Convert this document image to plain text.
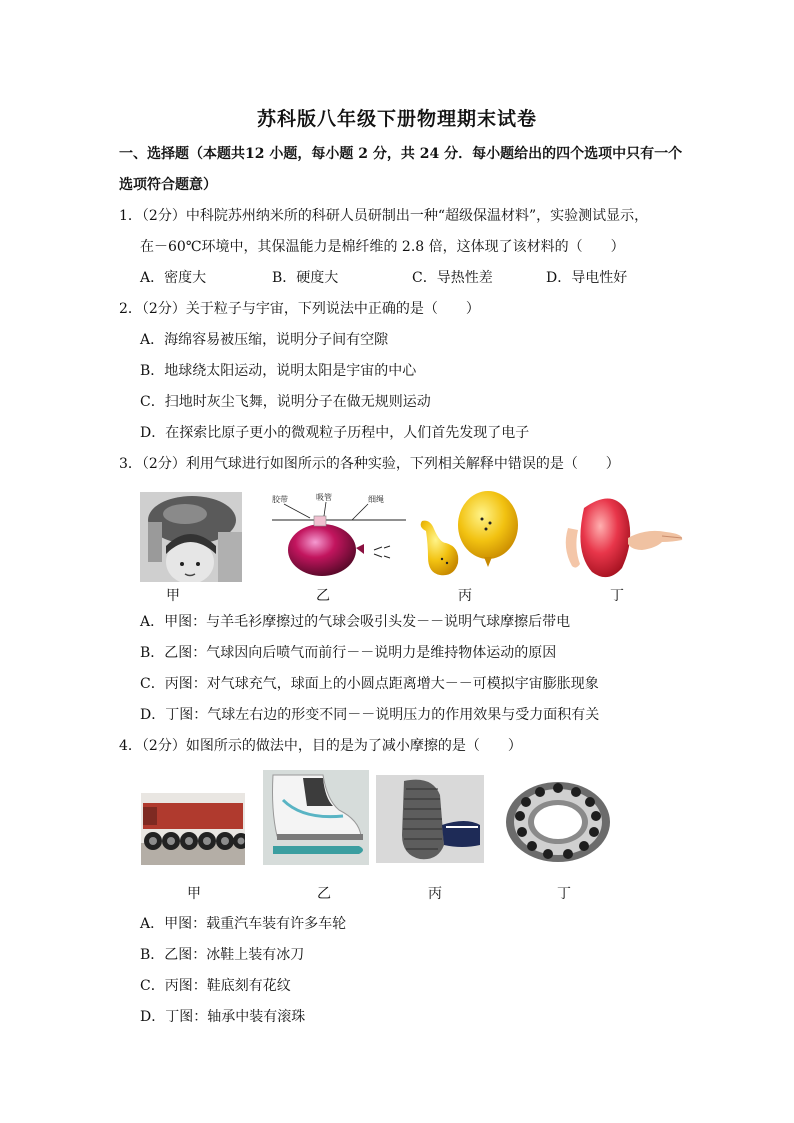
苏科版八年级下册物理期末试卷
一、选择题（本题共12 小题，每小题 2 分，共 24 分．每小题给出的四个选项中只有一个
选项符合题意）
1．（2分）中科院苏州纳米所的科研人员研制出一种“超级保温材料”，实验测试显示，
在－60℃环境中，其保温能力是棉纤维的 2.8 倍，这体现了该材料的（　　）
A．密度大	B．硬度大	C．导热性差	D．导电性好
2．（2分）关于粒子与宇宙，下列说法中正确的是（　　）
A．海绵容易被压缩，说明分子间有空隙
B．地球绕太阳运动，说明太阳是宇宙的中心
C．扫地时灰尘飞舞，说明分子在做无规则运动
D．在探索比原子更小的微观粒子历程中，人们首先发现了电子
3．（2分）利用气球进行如图所示的各种实验，下列相关解释中错误的是（　　）
胶带	吸管	细绳
甲	乙	丙	丁
A．甲图：与羊毛衫摩擦过的气球会吸引头发－－说明气球摩擦后带电
B．乙图：气球因向后喷气而前行－－说明力是维持物体运动的原因
C．丙图：对气球充气，球面上的小圆点距离增大－－可模拟宇宙膨胀现象
D．丁图：气球左右边的形变不同－－说明压力的作用效果与受力面积有关
4．（2分）如图所示的做法中，目的是为了减小摩擦的是（　　）
甲	乙	丙	丁
A．甲图：载重汽车装有许多车轮
B．乙图：冰鞋上装有冰刀
C．丙图：鞋底刻有花纹
D．丁图：轴承中装有滚珠
